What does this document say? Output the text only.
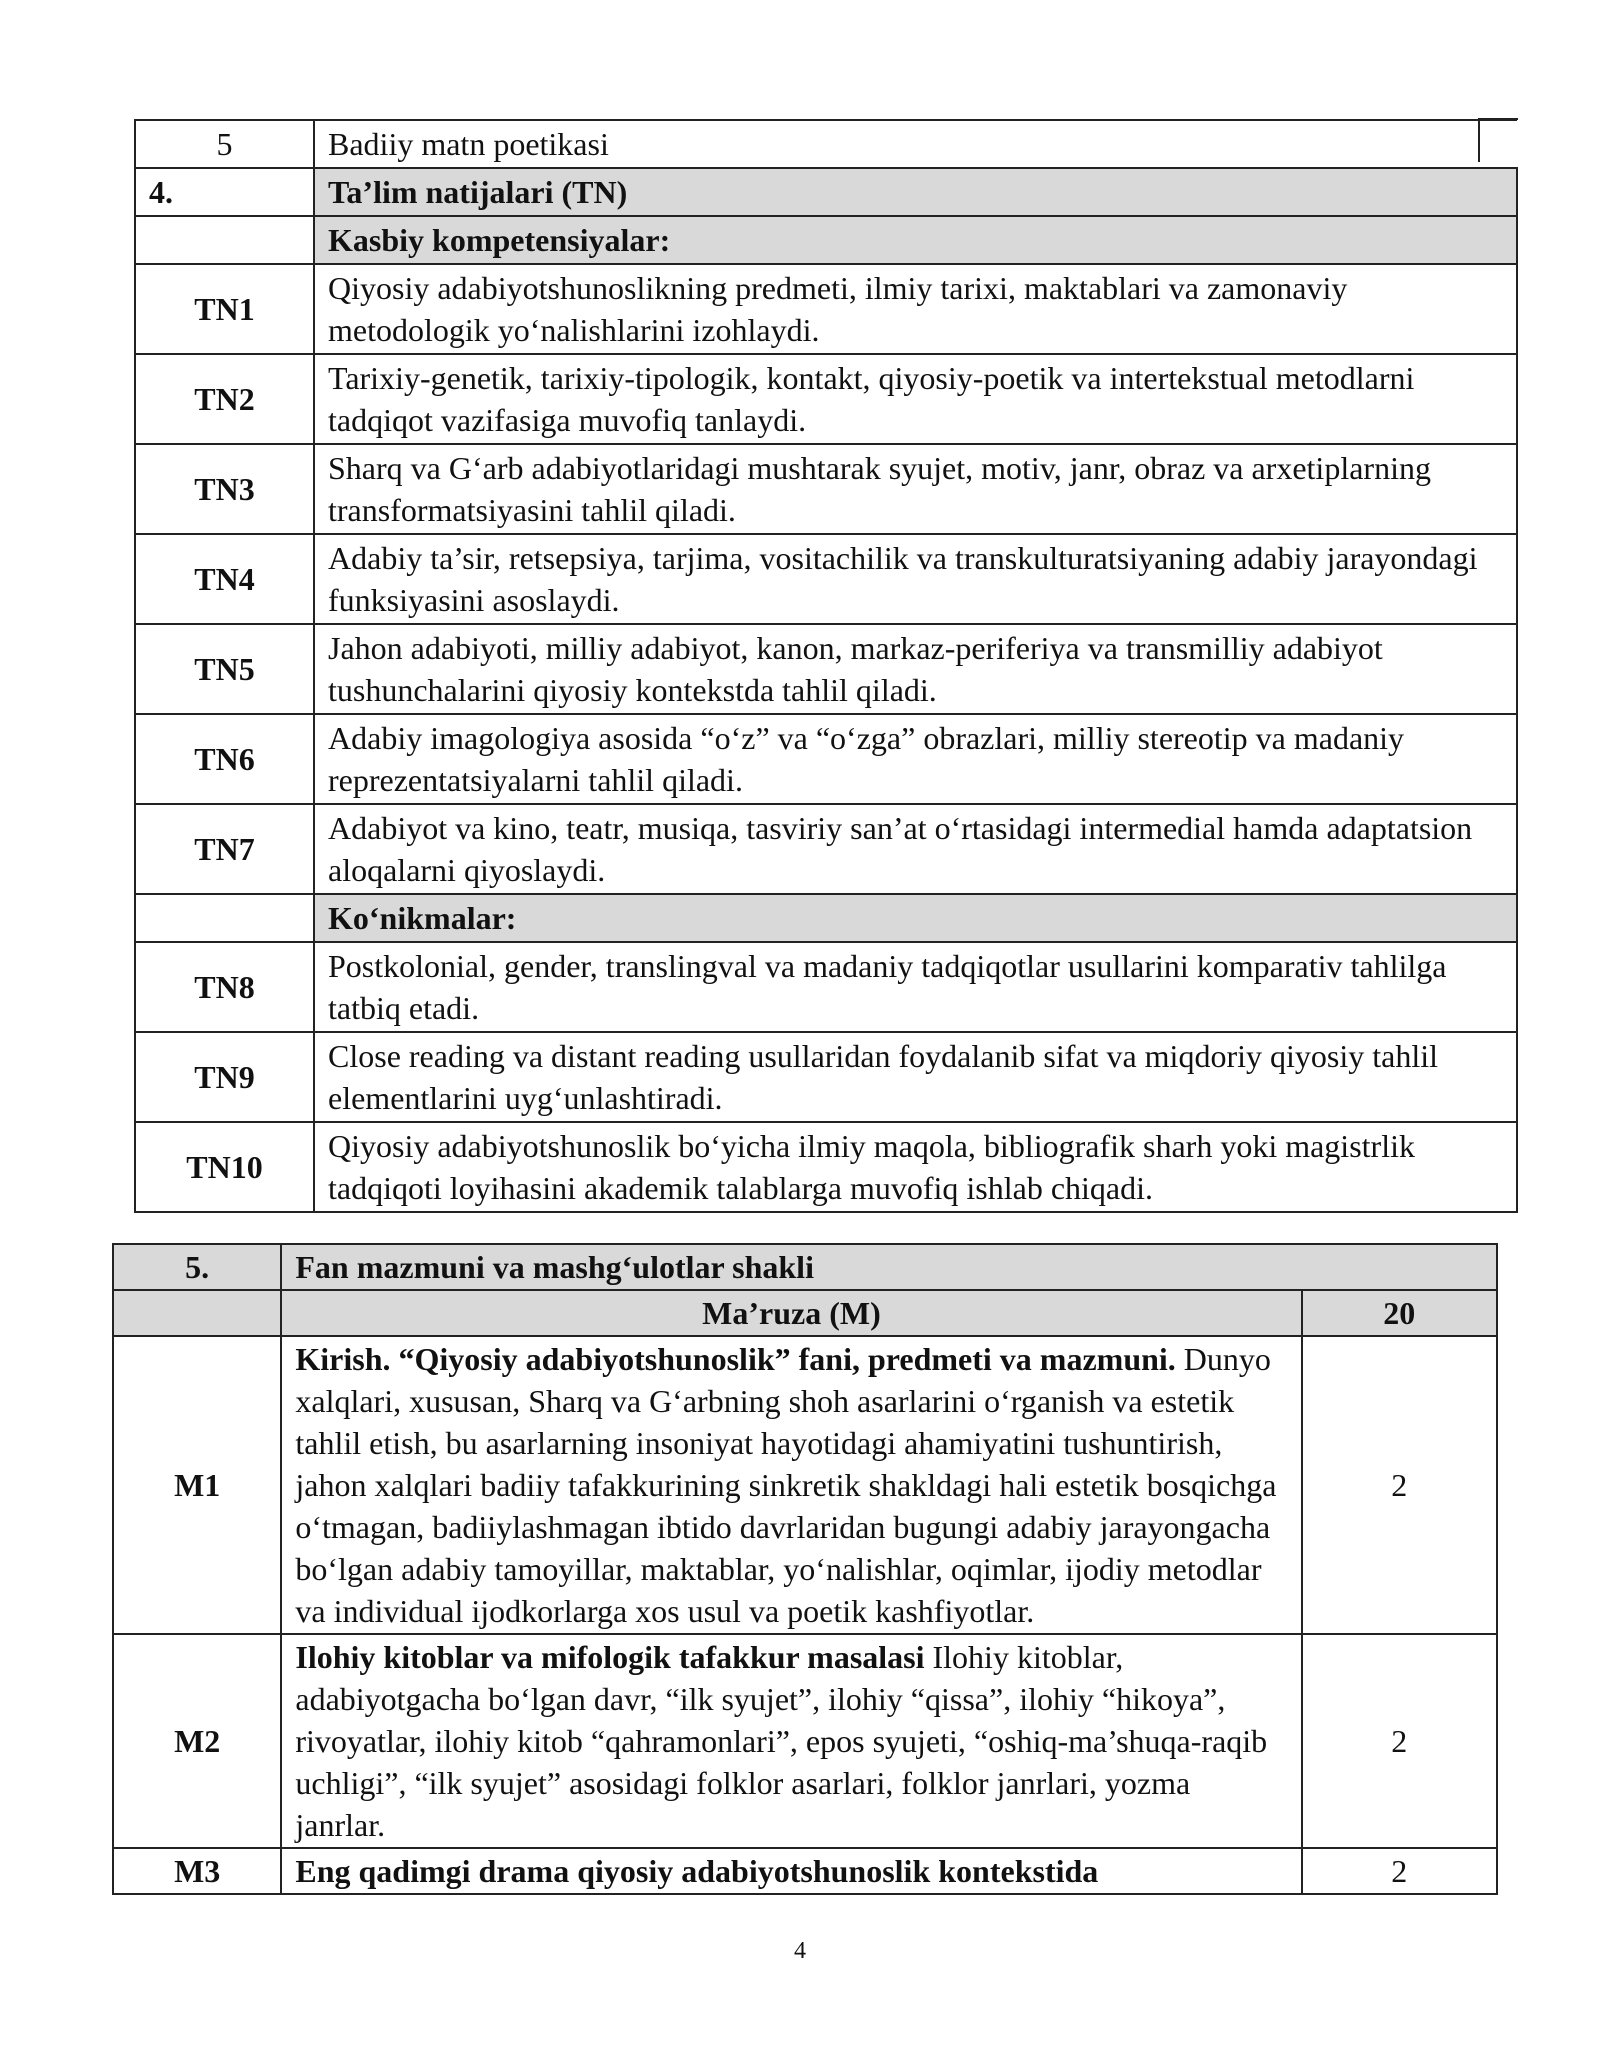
5	Badiiy matn poetikasi
4.	Ta’lim natijalari (TN)
	Kasbiy kompetensiyalar:
TN1	Qiyosiy adabiyotshunoslikning predmeti, ilmiy tarixi, maktablari va zamonaviy metodologik yo‘nalishlarini izohlaydi.
TN2	Tarixiy-genetik, tarixiy-tipologik, kontakt, qiyosiy-poetik va intertekstual metodlarni tadqiqot vazifasiga muvofiq tanlaydi.
TN3	Sharq va G‘arb adabiyotlaridagi mushtarak syujet, motiv, janr, obraz va arxetiplarning transformatsiyasini tahlil qiladi.
TN4	Adabiy ta’sir, retsepsiya, tarjima, vositachilik va transkulturatsiyaning adabiy jarayondagi funksiyasini asoslaydi.
TN5	Jahon adabiyoti, milliy adabiyot, kanon, markaz-periferiya va transmilliy adabiyot tushunchalarini qiyosiy kontekstda tahlil qiladi.
TN6	Adabiy imagologiya asosida “o‘z” va “o‘zga” obrazlari, milliy stereotip va madaniy reprezentatsiyalarni tahlil qiladi.
TN7	Adabiyot va kino, teatr, musiqa, tasviriy san’at o‘rtasidagi intermedial hamda adaptatsion aloqalarni qiyoslaydi.
	Ko‘nikmalar:
TN8	Postkolonial, gender, translingval va madaniy tadqiqotlar usullarini komparativ tahlilga tatbiq etadi.
TN9	Close reading va distant reading usullaridan foydalanib sifat va miqdoriy qiyosiy tahlil elementlarini uyg‘unlashtiradi.
TN10	Qiyosiy adabiyotshunoslik bo‘yicha ilmiy maqola, bibliografik sharh yoki magistrlik tadqiqoti loyihasini akademik talablarga muvofiq ishlab chiqadi.
5.	Fan mazmuni va mashg‘ulotlar shakli	
	Ma’ruza (M)	20
M1	Kirish. “Qiyosiy adabiyotshunoslik” fani, predmeti va mazmuni. Dunyo xalqlari, xususan, Sharq va G‘arbning shoh asarlarini o‘rganish va estetik tahlil etish, bu asarlarning insoniyat hayotidagi ahamiyatini tushuntirish, jahon xalqlari badiiy tafakkurining sinkretik shakldagi hali estetik bosqichga o‘tmagan, badiiylashmagan ibtido davrlaridan bugungi adabiy jarayongacha bo‘lgan adabiy tamoyillar, maktablar, yo‘nalishlar, oqimlar, ijodiy metodlar va individual ijodkorlarga xos usul va poetik kashfiyotlar.	2
M2	Ilohiy kitoblar va mifologik tafakkur masalasi Ilohiy kitoblar, adabiyotgacha bo‘lgan davr, “ilk syujet”, ilohiy “qissa”, ilohiy “hikoya”, rivoyatlar, ilohiy kitob “qahramonlari”, epos syujeti, “oshiq-ma’shuqa-raqib uchligi”, “ilk syujet” asosidagi folklor asarlari, folklor janrlari, yozma janrlar.	2
M3	Eng qadimgi drama qiyosiy adabiyotshunoslik kontekstida	2
4
